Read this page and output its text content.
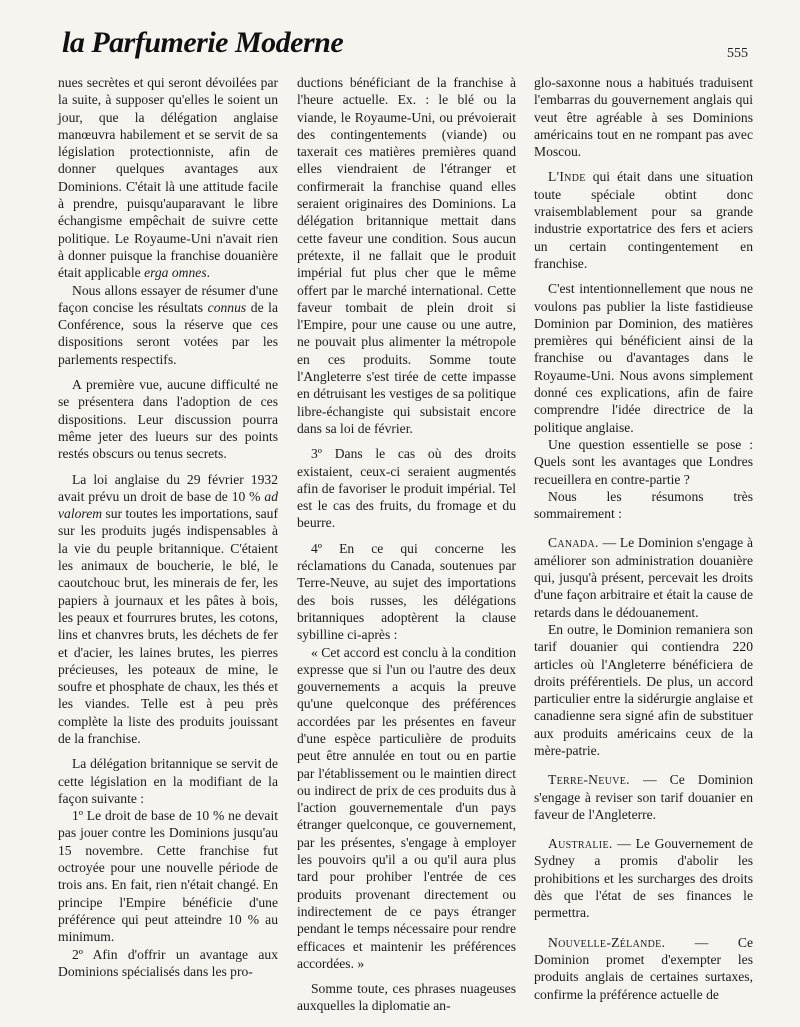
la Parfumerie Moderne	555

nues secrètes et qui seront dévoilées par la suite, à supposer qu'elles le soient un jour, que la délégation anglaise manœuvra habilement et se servit de sa législation protectionniste, afin de donner quelques avantages aux Dominions. C'était là une attitude facile à prendre, puisqu'auparavant le libre échangisme empêchait de suivre cette politique. Le Royaume-Uni n'avait rien à donner puisque la franchise douanière était applicable erga omnes.

Nous allons essayer de résumer d'une façon concise les résultats connus de la Conférence, sous la réserve que ces dispositions seront votées par les parlements respectifs.

A première vue, aucune difficulté ne se présentera dans l'adoption de ces dispositions. Leur discussion pourra même jeter des lueurs sur des points restés obscurs ou tenus secrets.

La loi anglaise du 29 février 1932 avait prévu un droit de base de 10 % ad valorem sur toutes les importations, sauf sur les produits jugés indispensables à la vie du peuple britannique. C'étaient les animaux de boucherie, le blé, le caoutchouc brut, les minerais de fer, les papiers à journaux et les pâtes à bois, les peaux et fourrures brutes, les cotons, lins et chanvres bruts, les déchets de fer et d'acier, les laines brutes, les pierres précieuses, les poteaux de mine, le soufre et phosphate de chaux, les thés et les viandes. Telle est à peu près complète la liste des produits jouissant de la franchise.

La délégation britannique se servit de cette législation en la modifiant de la façon suivante :

1º Le droit de base de 10 % ne devait pas jouer contre les Dominions jusqu'au 15 novembre. Cette franchise fut octroyée pour une nouvelle période de trois ans. En fait, rien n'était changé. En principe l'Empire bénéficie d'une préférence qui peut atteindre 10 % au minimum.

2º Afin d'offrir un avantage aux Dominions spécialisés dans les pro-

ductions bénéficiant de la franchise à l'heure actuelle. Ex. : le blé ou la viande, le Royaume-Uni, ou prévoierait des contingentements (viande) ou taxerait ces matières premières quand elles viendraient de l'étranger et confirmerait la franchise quand elles seraient originaires des Dominions. La délégation britannique mettait dans cette faveur une condition. Sous aucun prétexte, il ne fallait que le produit impérial fut plus cher que le même offert par le marché international. Cette faveur tombait de plein droit si l'Empire, pour une cause ou une autre, ne pouvait plus alimenter la métropole en ces produits. Somme toute l'Angleterre s'est tirée de cette impasse en détruisant les vestiges de sa politique libre-échangiste qui subsistait encore dans sa loi de février.

3º Dans le cas où des droits existaient, ceux-ci seraient augmentés afin de favoriser le produit impérial. Tel est le cas des fruits, du fromage et du beurre.

4º En ce qui concerne les réclamations du Canada, soutenues par Terre-Neuve, au sujet des importations des bois russes, les délégations britanniques adoptèrent la clause sybilline ci-après :

« Cet accord est conclu à la condition expresse que si l'un ou l'autre des deux gouvernements a acquis la preuve qu'une quelconque des préférences accordées par les présentes en faveur d'une espèce particulière de produits peut être annulée en tout ou en partie par l'établissement ou le maintien direct ou indirect de prix de ces produits dus à l'action gouvernementale d'un pays étranger quelconque, ce gouvernement, par les présentes, s'engage à employer les pouvoirs qu'il a ou qu'il aura plus tard pour prohiber l'entrée de ces produits provenant directement ou indirectement de ce pays étranger pendant le temps nécessaire pour rendre efficaces et maintenir les préférences accordées. »

Somme toute, ces phrases nuageuses auxquelles la diplomatie an-

glo-saxonne nous a habitués traduisent l'embarras du gouvernement anglais qui veut être agréable à ses Dominions américains tout en ne rompant pas avec Moscou.

L'Inde qui était dans une situation toute spéciale obtint donc vraisemblablement pour sa grande industrie exportatrice des fers et aciers un certain contingentement en franchise.

C'est intentionnellement que nous ne voulons pas publier la liste fastidieuse Dominion par Dominion, des matières premières qui bénéficient ainsi de la franchise ou d'avantages dans le Royaume-Uni. Nous avons simplement donné ces explications, afin de faire comprendre l'idée directrice de la politique anglaise.

Une question essentielle se pose : Quels sont les avantages que Londres recueillera en contre-partie ?

Nous les résumons très sommairement :

Canada. — Le Dominion s'engage à améliorer son administration douanière qui, jusqu'à présent, percevait les droits d'une façon arbitraire et était la cause de retards dans le dédouanement.

En outre, le Dominion remaniera son tarif douanier qui contiendra 220 articles où l'Angleterre bénéficiera de droits préférentiels. De plus, un accord particulier entre la sidérurgie anglaise et canadienne sera signé afin de substituer aux produits américains ceux de la mère-patrie.

Terre-Neuve. — Ce Dominion s'engage à reviser son tarif douanier en faveur de l'Angleterre.

Australie. — Le Gouvernement de Sydney a promis d'abolir les prohibitions et les surcharges des droits dès que l'état de ses finances le permettra.

Nouvelle-Zélande. — Ce Dominion promet d'exempter les produits anglais de certaines surtaxes, confirme la préférence actuelle de
